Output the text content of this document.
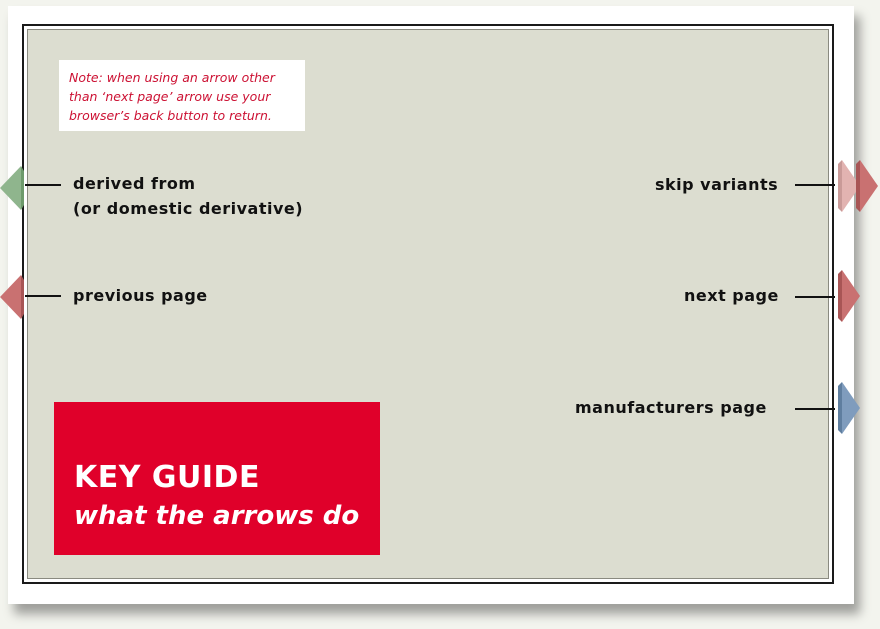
Note: when using an arrow other
than ‘next page’ arrow use your
browser’s back button to return.
derived from
(or domestic derivative)
previous page
skip variants
next page
manufacturers page
KEY GUIDE
what the arrows do
